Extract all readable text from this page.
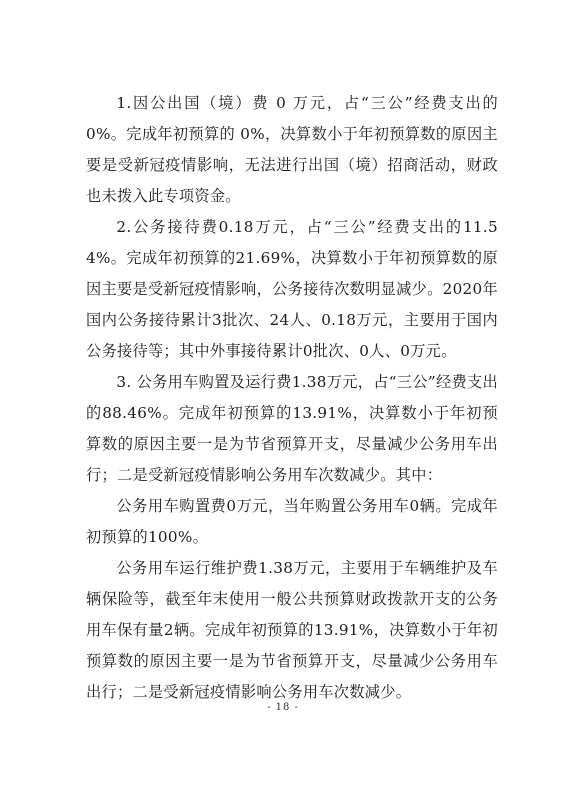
1.因公出国（境）费 0 万元，占“三公”经费支出的 0%。完成年初预算的 0%，决算数小于年初预算数的原因主要是受新冠疫情影响，无法进行出国（境）招商活动，财政也未拨入此专项资金。

2.公务接待费0.18万元，占“三公”经费支出的11.54%。完成年初预算的21.69%，决算数小于年初预算数的原因主要是受新冠疫情影响，公务接待次数明显减少。2020年国内公务接待累计3批次、24人、0.18万元，主要用于国内公务接待等；其中外事接待累计0批次、0人、0万元。

3. 公务用车购置及运行费1.38万元，占“三公”经费支出的88.46%。完成年初预算的13.91%，决算数小于年初预算数的原因主要一是为节省预算开支，尽量减少公务用车出行；二是受新冠疫情影响公务用车次数减少。其中：

公务用车购置费0万元，当年购置公务用车0辆。完成年初预算的100%。

公务用车运行维护费1.38万元，主要用于车辆维护及车辆保险等，截至年末使用一般公共预算财政拨款开支的公务用车保有量2辆。完成年初预算的13.91%，决算数小于年初预算数的原因主要一是为节省预算开支，尽量减少公务用车出行；二是受新冠疫情影响公务用车次数减少。

- 18 -
